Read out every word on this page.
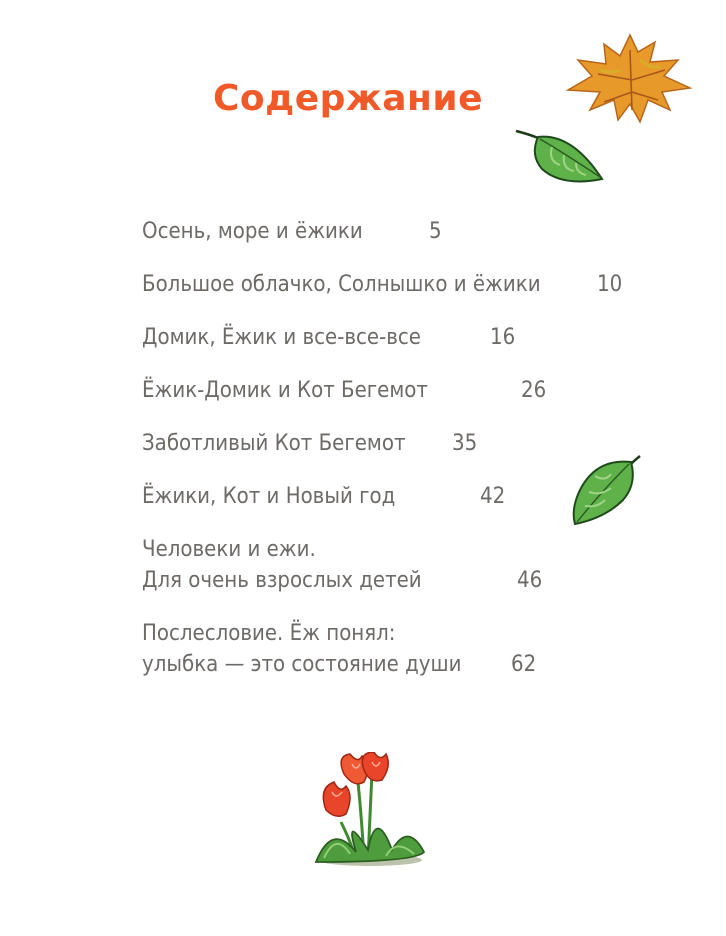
Содержание
Осень, море и ёжики	5
Большое облачко, Солнышко и ёжики	10
Домик, Ёжик и все-все-все	16
Ёжик-Домик и Кот Бегемот	26
Заботливый Кот Бегемот 35
Ёжики, Кот и Новый год	42
Человеки и ежи.
Для очень взрослых детей	46
Послесловие. Ёж понял:
улыбка — это состояние души 62
